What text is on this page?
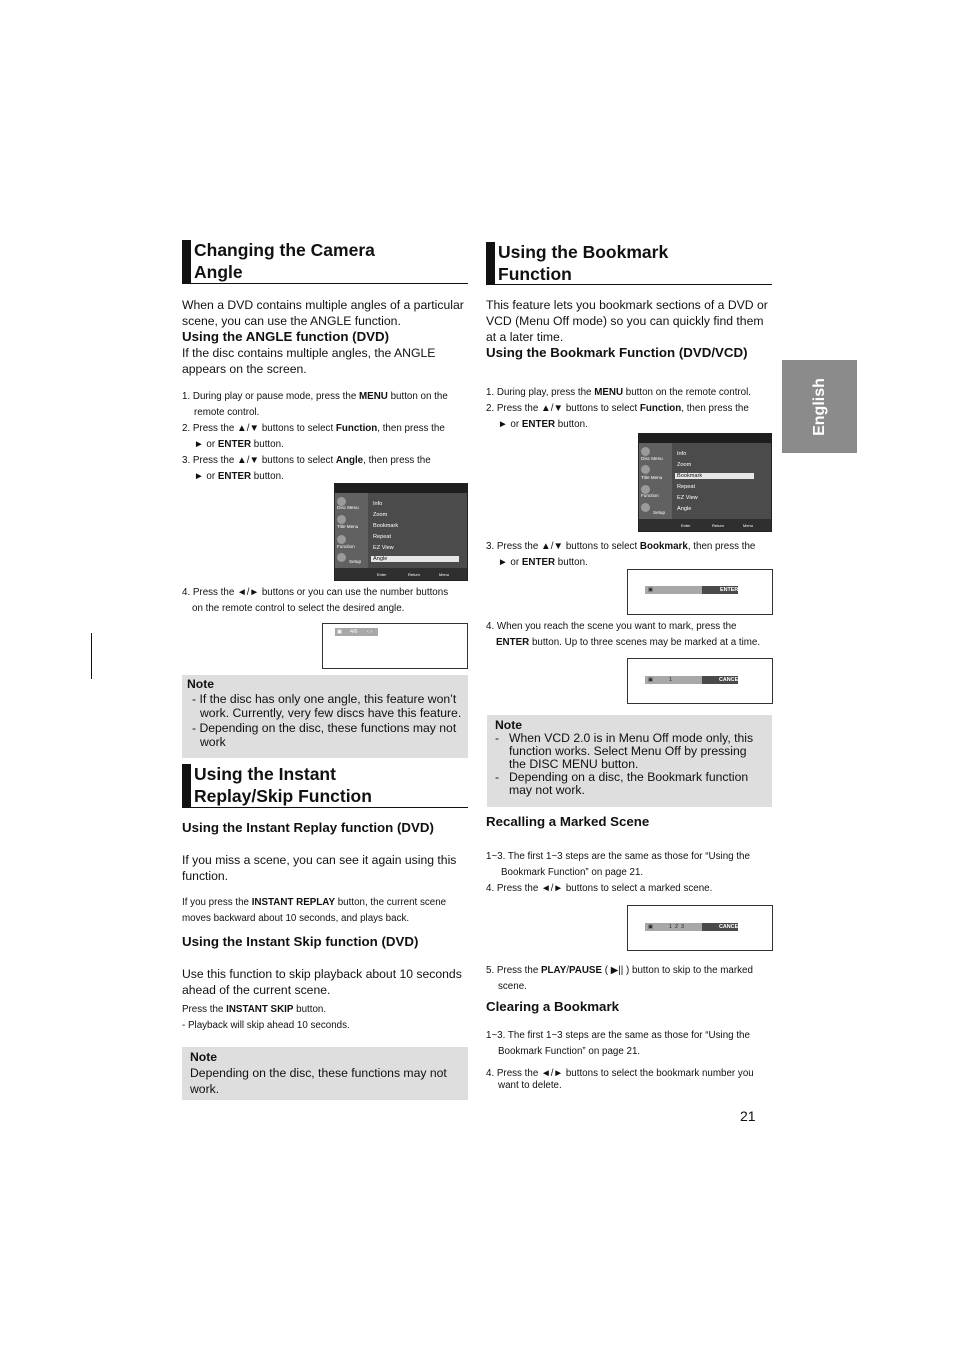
English
Changing the Camera
Angle
When a DVD contains multiple angles of a particular scene, you can use the ANGLE function.
Using the ANGLE function (DVD)
If the disc contains multiple angles, the ANGLE appears on the screen.

1. During play or pause mode, press the MENU button on the

remote control.

2. Press the ▲/▼ buttons to select Function, then press the

► or ENTER button.

3. Press the ▲/▼ buttons to select Angle, then press the

► or ENTER button.

Disc Menu
Title Menu
Function
Setup
Info
Zoom
Bookmark
Repeat
EZ View
Angle
Enter	Return	Menu

4. Press the ◄/► buttons or you can use the number buttons

on the remote control to select the desired angle.

▣ 4/6 ‹ ›
Note
- If the disc has only one angle, this feature won’t work. Currently, very few discs have this feature.
- Depending on the disc, these functions may not work
Using the Instant
Replay/Skip Function
Using the Instant Replay function (DVD)
If you miss a scene, you can see it again using this function.

If you press the INSTANT REPLAY button, the current scene

moves backward about 10 seconds, and plays back.

Using the Instant Skip function (DVD)
Use this function to skip playback about 10 seconds ahead of the current scene.

Press the INSTANT SKIP button.

- Playback will skip ahead 10 seconds.

Note
Depending on the disc, these functions may not work.
Using the Bookmark
Function
This feature lets you bookmark sections of a DVD or VCD (Menu Off mode) so you can quickly find them at a later time.
Using the Bookmark Function (DVD/VCD)

1. During play, press the MENU button on the remote control.

2. Press the ▲/▼ buttons to select Function, then press the

► or ENTER button.

Disc Menu
Title Menu
Function
Setup
Info
Zoom
Bookmark
Repeat
EZ View
Angle
Enter	Return	Menu

3. Press the ▲/▼ buttons to select Bookmark, then press the

► or ENTER button.

▣	ENTER

4. When you reach the scene you want to mark, press the

ENTER button. Up to three scenes may be marked at a time.

▣	1	CANCEL
Note
- When VCD 2.0 is in Menu Off mode only, this function works. Select Menu Off by pressing the DISC MENU button.
- Depending on a disc, the Bookmark function may not work.
Recalling a Marked Scene

1~3. The first 1~3 steps are the same as those for “Using the

Bookmark Function” on page 21.

4. Press the ◄/► buttons to select a marked scene.

▣	1  2  3	CANCEL

5. Press the PLAY/PAUSE ( ▶|| ) button to skip to the marked

scene.

Clearing a Bookmark

1~3. The first 1~3 steps are the same as those for “Using the

Bookmark Function” on page 21.

4. Press the ◄/► buttons to select the bookmark number you

want to delete.

21
